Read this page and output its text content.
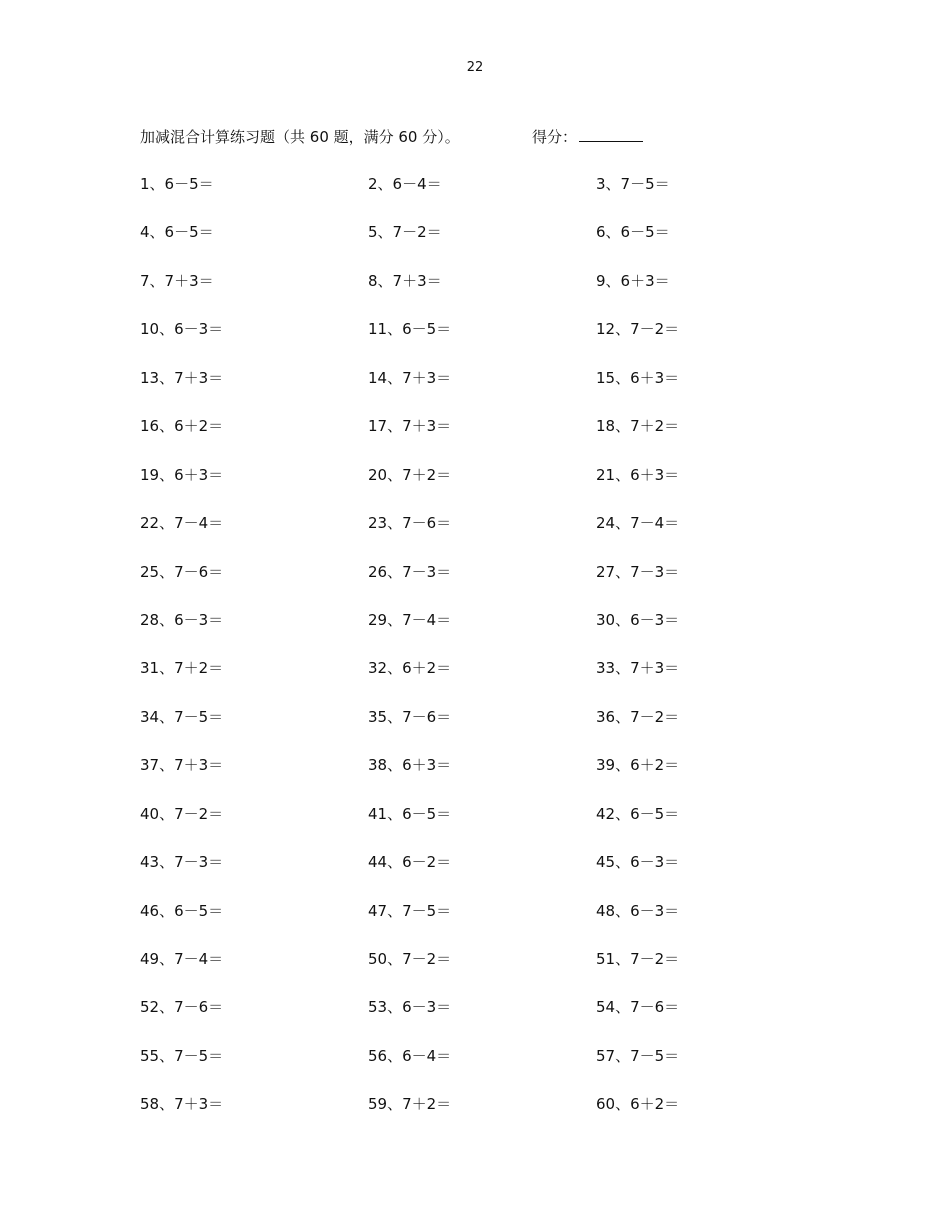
22
加减混合计算练习题（共 60 题，满分 60 分）。	得分：
1、6－5＝	2、6－4＝	3、7－5＝
4、6－5＝	5、7－2＝	6、6－5＝
7、7＋3＝	8、7＋3＝	9、6＋3＝
10、6－3＝	11、6－5＝	12、7－2＝
13、7＋3＝	14、7＋3＝	15、6＋3＝
16、6＋2＝	17、7＋3＝	18、7＋2＝
19、6＋3＝	20、7＋2＝	21、6＋3＝
22、7－4＝	23、7－6＝	24、7－4＝
25、7－6＝	26、7－3＝	27、7－3＝
28、6－3＝	29、7－4＝	30、6－3＝
31、7＋2＝	32、6＋2＝	33、7＋3＝
34、7－5＝	35、7－6＝	36、7－2＝
37、7＋3＝	38、6＋3＝	39、6＋2＝
40、7－2＝	41、6－5＝	42、6－5＝
43、7－3＝	44、6－2＝	45、6－3＝
46、6－5＝	47、7－5＝	48、6－3＝
49、7－4＝	50、7－2＝	51、7－2＝
52、7－6＝	53、6－3＝	54、7－6＝
55、7－5＝	56、6－4＝	57、7－5＝
58、7＋3＝	59、7＋2＝	60、6＋2＝
